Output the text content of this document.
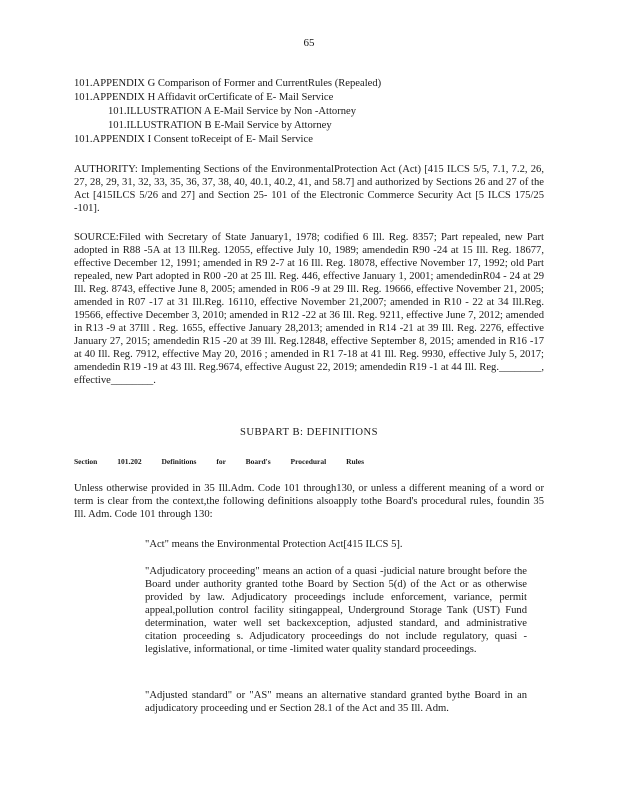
65
101.APPENDIX G Comparison of Former and CurrentRules (Repealed)
101.APPENDIX H Affidavit orCertificate of E- Mail Service
101.ILLUSTRATION A E-Mail Service by Non -Attorney
101.ILLUSTRATION B E-Mail Service by Attorney
101.APPENDIX I Consent toReceipt of E- Mail Service
AUTHORITY: Implementing Sections of the EnvironmentalProtection Act (Act) [415 ILCS 5/5, 7.1, 7.2, 26, 27, 28, 29, 31, 32, 33, 35, 36, 37, 38, 40, 40.1, 40.2, 41, and 58.7] and authorized by Sections 26 and 27 of the Act [415ILCS 5/26 and 27] and Section 25- 101 of the Electronic Commerce Security Act [5 ILCS 175/25 -101].
SOURCE:Filed with Secretary of State January1, 1978; codified 6 Ill. Reg. 8357; Part repealed, new Part adopted in R88 -5A at 13 Ill.Reg. 12055, effective July 10, 1989; amendedin R90 -24 at 15 Ill. Reg. 18677, effective December 12, 1991; amended in R9 2-7 at 16 Ill. Reg. 18078, effective November 17, 1992; old Part repealed, new Part adopted in R00 -20 at 25 Ill. Reg. 446, effective January 1, 2001; amendedinR04 - 24 at 29 Ill. Reg. 8743, effective June 8, 2005; amended in R06 -9 at 29 Ill. Reg. 19666, effective November 21, 2005; amended in R07 -17 at 31 Ill.Reg. 16110, effective November 21,2007; amended in R10 - 22 at 34 Ill.Reg. 19566, effective December 3, 2010; amended in R12 -22 at 36 Ill. Reg. 9211, effective June 7, 2012; amended in R13 -9 at 37Ill . Reg. 1655, effective January 28,2013; amended in R14 -21 at 39 Ill. Reg. 2276, effective January 27, 2015; amendedin R15 -20 at 39 Ill. Reg.12848, effective September 8, 2015; amended in R16 -17 at 40 Ill. Reg. 7912, effective May 20, 2016 ; amended in R1 7-18 at 41 Ill. Reg. 9930, effective July 5, 2017; amendedin R19 -19 at 43 Ill. Reg.9674, effective August 22, 2019; amendedin R19 -1 at 44 Ill. Reg.________, effective________.
SUBPART B: DEFINITIONS
Section 101.202 Definitions for Board's Procedural Rules
Unless otherwise provided in 35 Ill.Adm. Code 101 through130, or unless a different meaning of a word or term is clear from the context,the following definitions alsoapply tothe Board's procedural rules, foundin 35 Ill. Adm. Code 101 through 130:
"Act" means the Environmental Protection Act[415 ILCS 5].
"Adjudicatory proceeding" means an action of a quasi -judicial nature brought before the Board under authority granted tothe Board by Section 5(d) of the Act or as otherwise provided by law. Adjudicatory proceedings include enforcement, variance, permit appeal,pollution control facility sitingappeal, Underground Storage Tank (UST) Fund determination, water well set backexception, adjusted standard, and administrative citation proceeding s. Adjudicatory proceedings do not include regulatory, quasi -legislative, informational, or time -limited water quality standard proceedings.
"Adjusted standard" or "AS" means an alternative standard granted bythe Board in an adjudicatory proceeding und er Section 28.1 of the Act and 35 Ill. Adm.
